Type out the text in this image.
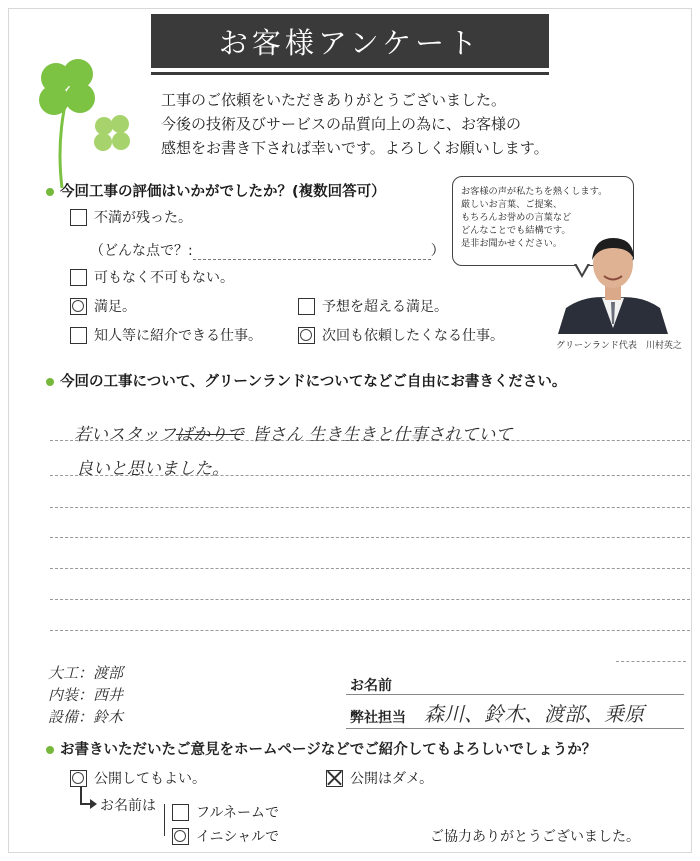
お客様アンケート
工事のご依頼をいただきありがとうございました。
今後の技術及びサービスの品質向上の為に、お客様の
感想をお書き下されば幸いです。よろしくお願いします。
今回工事の評価はいかがでしたか？(複数回答可）
不満が残った。
（どんな点で？:	）
可もなく不可もない。
満足。	予想を超える満足。
知人等に紹介できる仕事。	次回も依頼したくなる仕事。
お客様の声が私たちを熱くします。
厳しいお言葉、ご提案、
もちろんお誉めの言葉など
どんなことでも結構です。
是非お聞かせください。
グリーンランド代表　川村英之
今回の工事について、グリーンランドについてなどご自由にお書きください。
若いスタッフばかりで 皆さん 生き生きと仕事されていて
良いと思いました。
大工：渡部
内装：西井
設備：鈴木
お名前
弊社担当 森川、鈴木、渡部、乗原
お書きいただいたご意見をホームページなどでご紹介してもよろしいでしょうか？
公開してもよい。	公開はダメ。
お名前は	フルネームで
イニシャルで	ご協力ありがとうございました。
